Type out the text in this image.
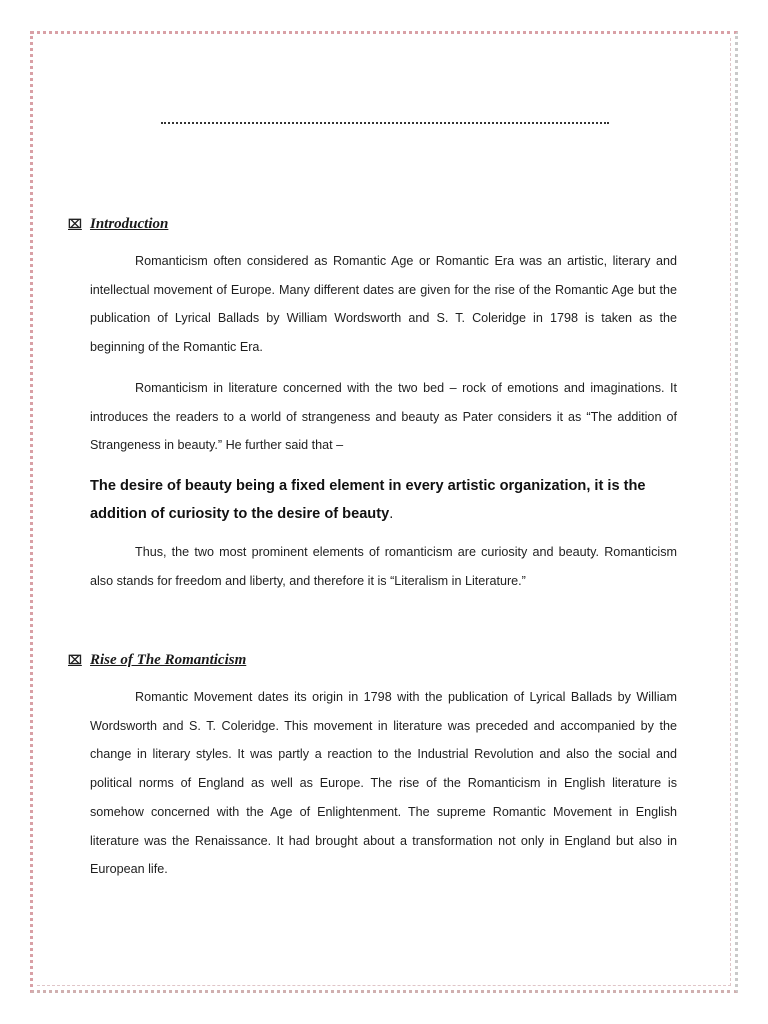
⌧ Introduction

Romanticism often considered as Romantic Age or Romantic Era was an artistic, literary and intellectual movement of Europe. Many different dates are given for the rise of the Romantic Age but the publication of Lyrical Ballads by William Wordsworth and S. T. Coleridge in 1798 is taken as the beginning of the Romantic Era.

Romanticism in literature concerned with the two bed – rock of emotions and imaginations. It introduces the readers to a world of strangeness and beauty as Pater considers it as “The addition of Strangeness in beauty.” He further said that –

The desire of beauty being a fixed element in every artistic organization, it is the addition of curiosity to the desire of beauty.

Thus, the two most prominent elements of romanticism are curiosity and beauty. Romanticism also stands for freedom and liberty, and therefore it is “Literalism in Literature.”

⌧ Rise of The Romanticism

Romantic Movement dates its origin in 1798 with the publication of Lyrical Ballads by William Wordsworth and S. T. Coleridge. This movement in literature was preceded and accompanied by the change in literary styles. It was partly a reaction to the Industrial Revolution and also the social and political norms of England as well as Europe. The rise of the Romanticism in English literature is somehow concerned with the Age of Enlightenment. The supreme Romantic Movement in English literature was the Renaissance. It had brought about a transformation not only in England but also in European life.
